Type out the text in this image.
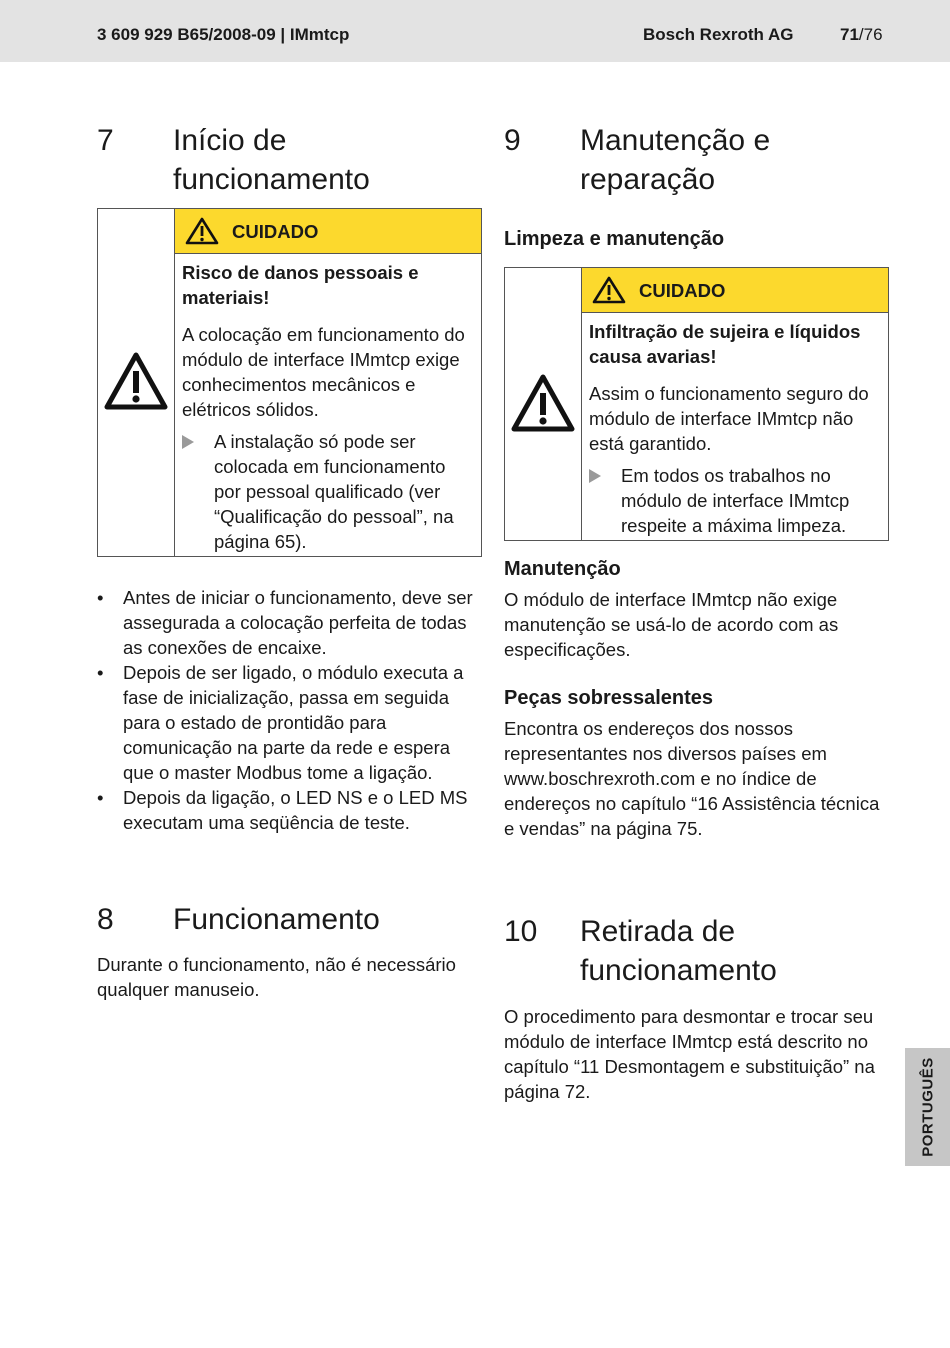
3 609 929 B65/2008-09 | IMmtcp	Bosch Rexroth AG	71/76
7 Início de
funcionamento
CUIDADO

Risco de danos pessoais e materiais!

A colocação em funcionamento do módulo de interface IMmtcp exige conhecimentos mecânicos e elétricos sólidos.

A instalação só pode ser colocada em funcionamento por pessoal qualificado (ver “Qualificação do pessoal”, na página 65).
• Antes de iniciar o funcionamento, deve ser assegurada a colocação perfeita de todas as conexões de encaixe.
• Depois de ser ligado, o módulo executa a fase de inicialização, passa em seguida para o estado de prontidão para comunicação na parte da rede e espera que o master Modbus tome a ligação.
• Depois da ligação, o LED NS e o LED MS executam uma seqüência de teste.
8 Funcionamento

Durante o funcionamento, não é necessário qualquer manuseio.

9 Manutenção e
reparação
Limpeza e manutenção
CUIDADO

Infiltração de sujeira e líquidos causa avarias!

Assim o funcionamento seguro do módulo de interface IMmtcp não está garantido.

Em todos os trabalhos no módulo de interface IMmtcp respeite a máxima limpeza.
Manutenção

O módulo de interface IMmtcp não exige manutenção se usá-lo de acordo com as especificações.

Peças sobressalentes

Encontra os endereços dos nossos representantes nos diversos países em www.boschrexroth.com e no índice de endereços no capítulo “16 Assistência técnica e vendas” na página 75.

10 Retirada de
funcionamento

O procedimento para desmontar e trocar seu módulo de interface IMmtcp está descrito no capítulo “11 Desmontagem e substituição” na página 72.	PORTUGUÊS
